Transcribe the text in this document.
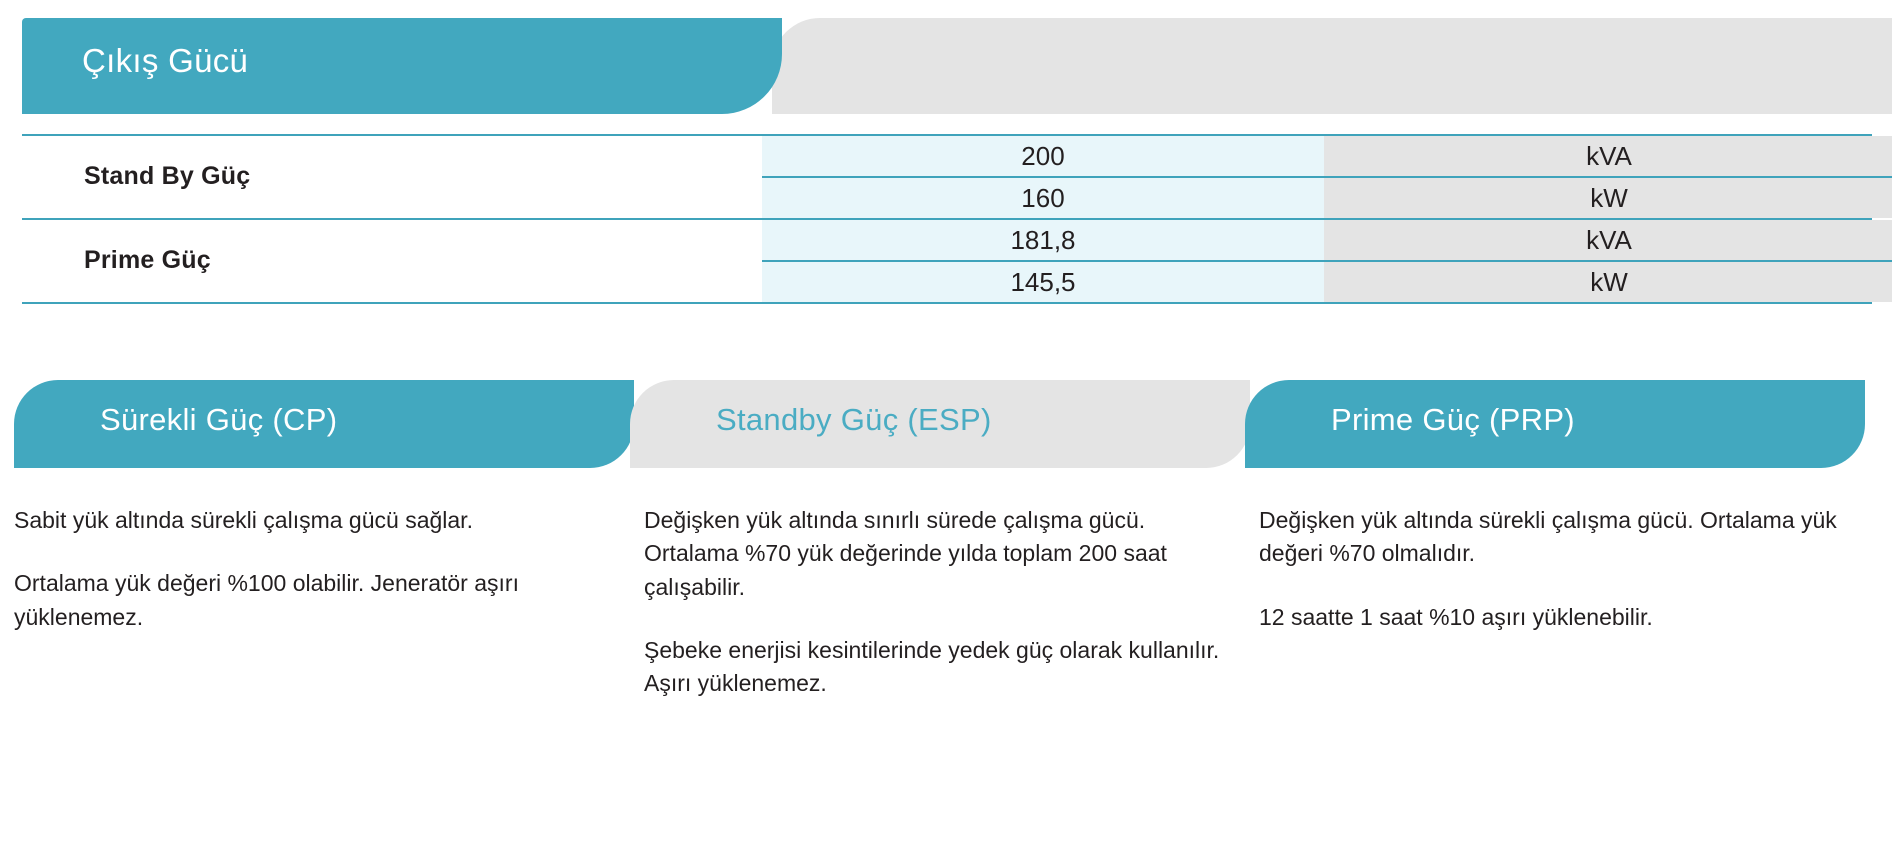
Çıkış Gücü
Stand By Güç
200	kVA
160	kW
Prime Güç
181,8	kVA
145,5	kW
Sürekli Güç (CP)

Sabit yük altında sürekli çalışma gücü sağlar.

Ortalama yük değeri %100 olabilir. Jeneratör aşırı yüklenemez.

Standby Güç (ESP)

Değişken yük altında sınırlı sürede çalışma gücü. Ortalama %70 yük değerinde yılda toplam 200 saat çalışabilir.

Şebeke enerjisi kesintilerinde yedek güç olarak kullanılır. Aşırı yüklenemez.

Prime Güç (PRP)

Değişken yük altında sürekli çalışma gücü. Ortalama yük değeri %70 olmalıdır.

12 saatte 1 saat %10 aşırı yüklenebilir.
